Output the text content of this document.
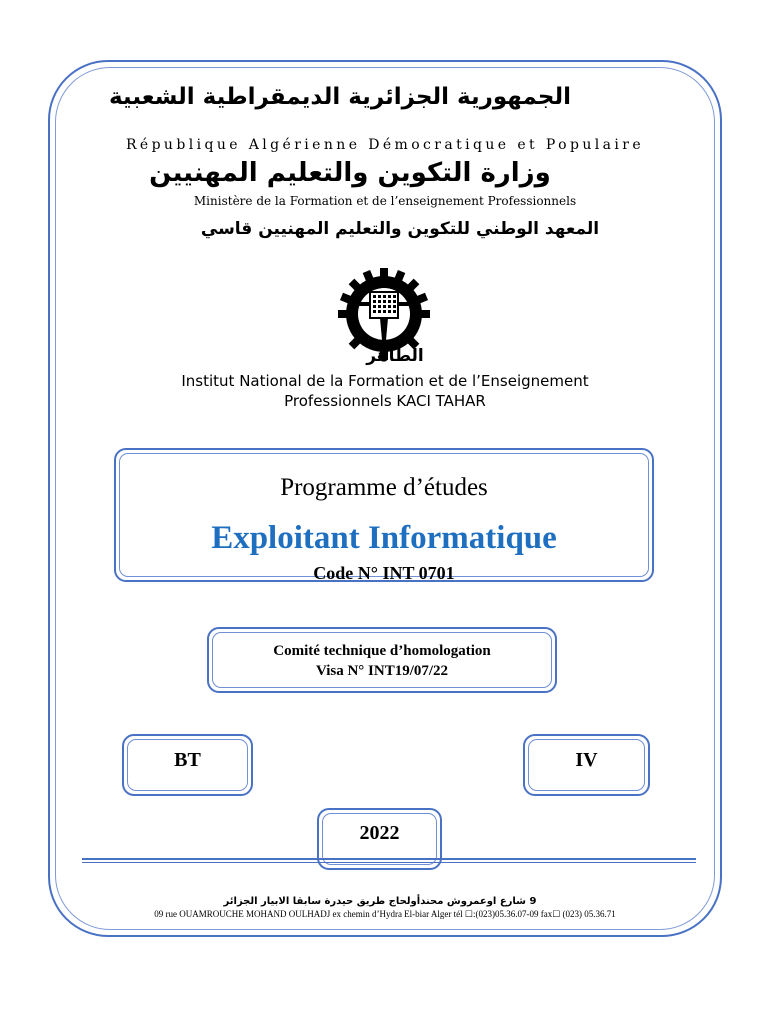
الجمهورية الجزائرية الديمقراطية الشعبية
République Algérienne Démocratique et Populaire
وزارة التكوين والتعليم المهنيين
Ministère de la Formation et de l’enseignement Professionnels
المعهد الوطني للتكوين والتعليم المهنيين قاسي
الطاهر
Institut National de la Formation et de l’Enseignement
Professionnels KACI TAHAR
Programme d’études
Exploitant Informatique
Code N° INT 0701
Comité technique d’homologation
Visa N° INT19/07/22
BT	IV
2022
9 شارع اوعمروش محندأولحاج طريق حيدرة سابقا الابيار الجزائر
09 rue OUAMROUCHE MOHAND OULHADJ ex chemin d’Hydra El-biar Alger tél ☐:(023)05.36.07-09 fax☐ (023) 05.36.71
